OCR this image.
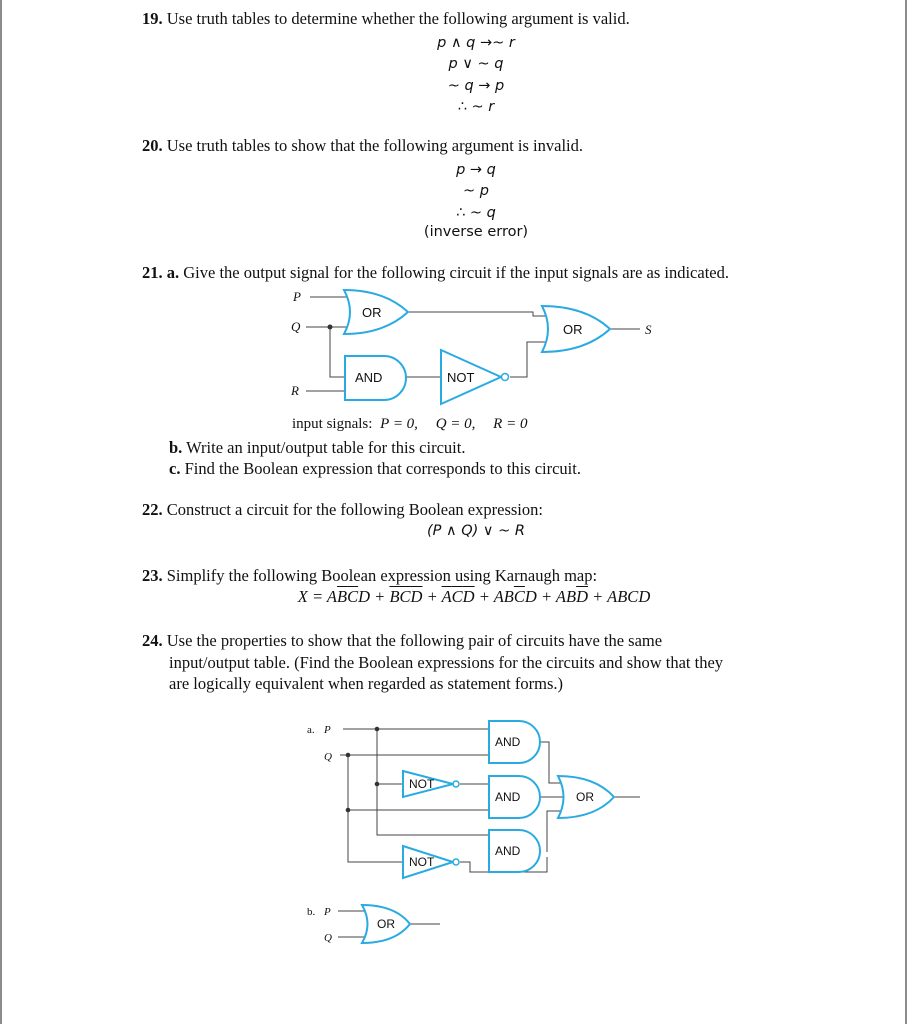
19. Use truth tables to determine whether the following argument is valid.
p ∧ q →~ r
p ∨ ~ q
~ q → p
∴ ~ r
20. Use truth tables to show that the following argument is invalid.
p → q
~ p
∴ ~ q
(inverse error)
21. a. Give the output signal for the following circuit if the input signals are as indicated.
P
Q
R
S
OR
AND	NOT
OR
input signals: P = 0, Q = 0, R = 0
b. Write an input/output table for this circuit.
c. Find the Boolean expression that corresponds to this circuit.
22. Construct a circuit for the following Boolean expression:
(P ∧ Q) ∨ ~ R
23. Simplify the following Boolean expression using Karnaugh map:
$X = A\overline{B}\overline{C}D + \overline{B}\overline{C}\overline{D} + \overline{A}\overline{C}\overline{D} + AB\overline{C}D + AB\overline{D}$ + ABCD
24. Use the properties to show that the following pair of circuits have the same
input/output table. (Find the Boolean expressions for the circuits and show that they
are logically equivalent when regarded as statement forms.)
a. P
Q
AND
NOT
AND	OR
AND
NOT
b. P
Q
OR
